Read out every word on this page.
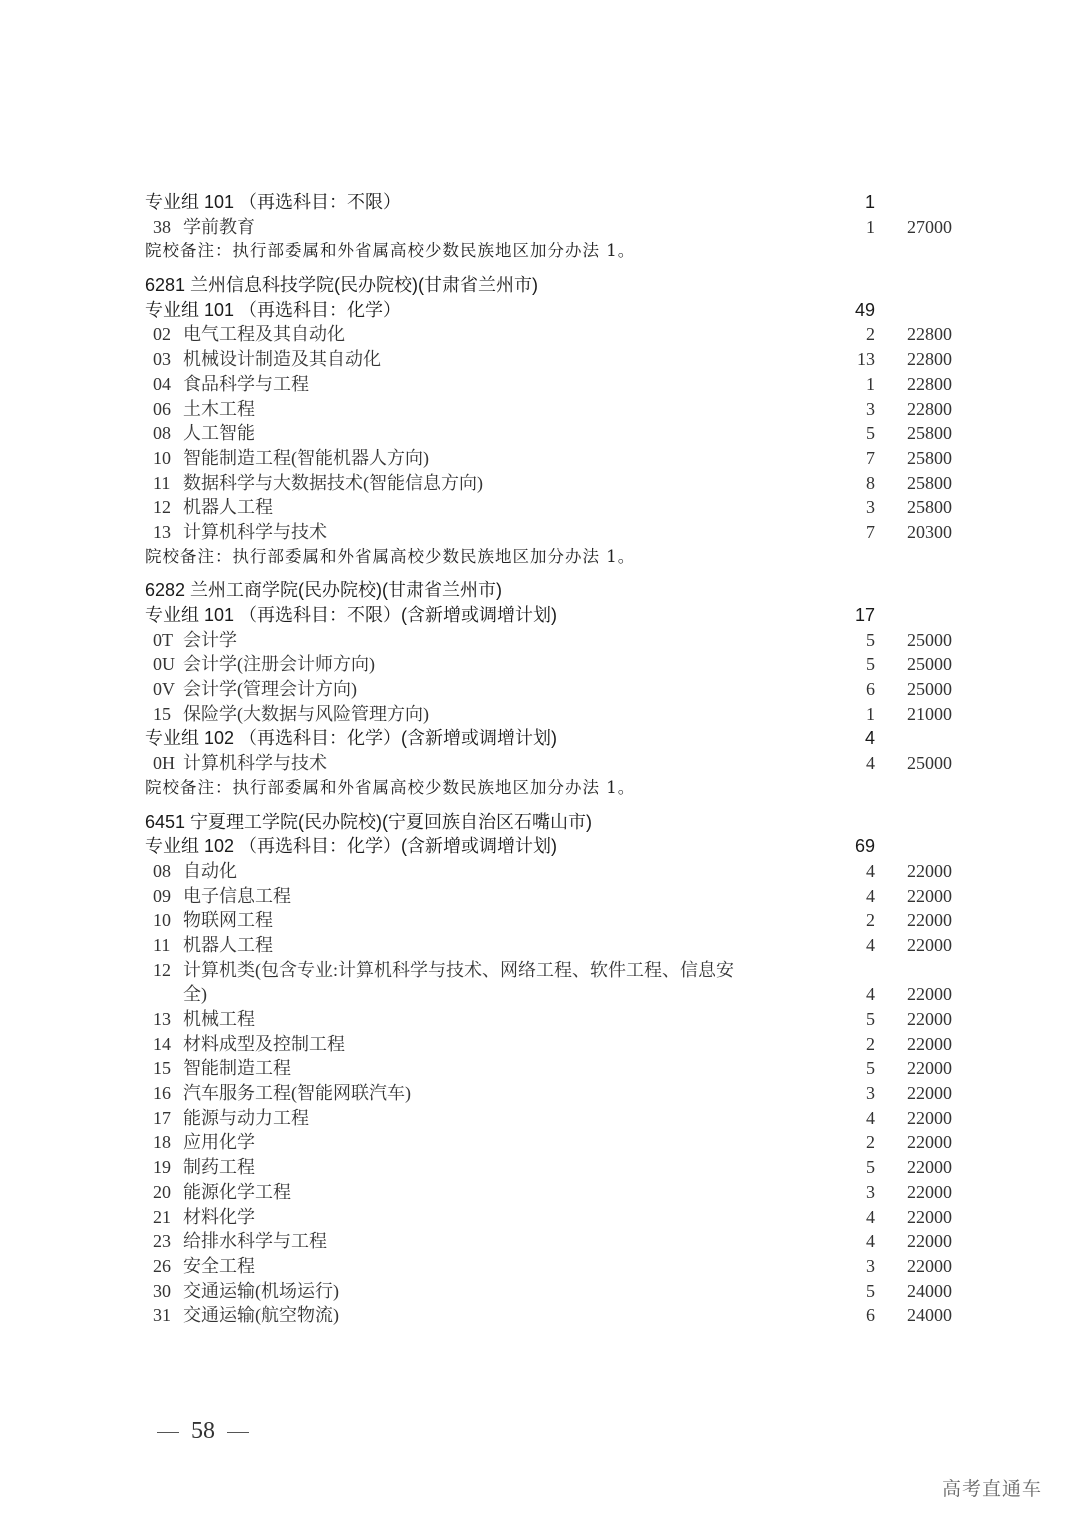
专业组 101 （再选科目：不限）	1
38 学前教育	1 27000
院校备注：执行部委属和外省属高校少数民族地区加分办法 1。
6281 兰州信息科技学院(民办院校)(甘肃省兰州市)
专业组 101 （再选科目：化学）	49
02 电气工程及其自动化	2 22800
03 机械设计制造及其自动化	13 22800
04 食品科学与工程	1 22800
06 土木工程	3 22800
08 人工智能	5 25800
10 智能制造工程(智能机器人方向)	7 25800
11 数据科学与大数据技术(智能信息方向)	8 25800
12 机器人工程	3 25800
13 计算机科学与技术	7 20300
院校备注：执行部委属和外省属高校少数民族地区加分办法 1。
6282 兰州工商学院(民办院校)(甘肃省兰州市)
专业组 101 （再选科目：不限）(含新增或调增计划)	17
0T 会计学	5 25000
0U 会计学(注册会计师方向)	5 25000
0V 会计学(管理会计方向)	6 25000
15 保险学(大数据与风险管理方向)	1 21000
专业组 102 （再选科目：化学）(含新增或调增计划)	4
0H 计算机科学与技术	4 25000
院校备注：执行部委属和外省属高校少数民族地区加分办法 1。
6451 宁夏理工学院(民办院校)(宁夏回族自治区石嘴山市)
专业组 102 （再选科目：化学）(含新增或调增计划)	69
08 自动化	4 22000
09 电子信息工程	4 22000
10 物联网工程	2 22000
11 机器人工程	4 22000
12 计算机类(包含专业:计算机科学与技术、网络工程、软件工程、信息安
全)	4 22000
13 机械工程	5 22000
14 材料成型及控制工程	2 22000
15 智能制造工程	5 22000
16 汽车服务工程(智能网联汽车)	3 22000
17 能源与动力工程	4 22000
18 应用化学	2 22000
19 制药工程	5 22000
20 能源化学工程	3 22000
21 材料化学	4 22000
23 给排水科学与工程	4 22000
26 安全工程	3 22000
30 交通运输(机场运行)	5 24000
31 交通运输(航空物流)	6 24000
58
高考直通车
